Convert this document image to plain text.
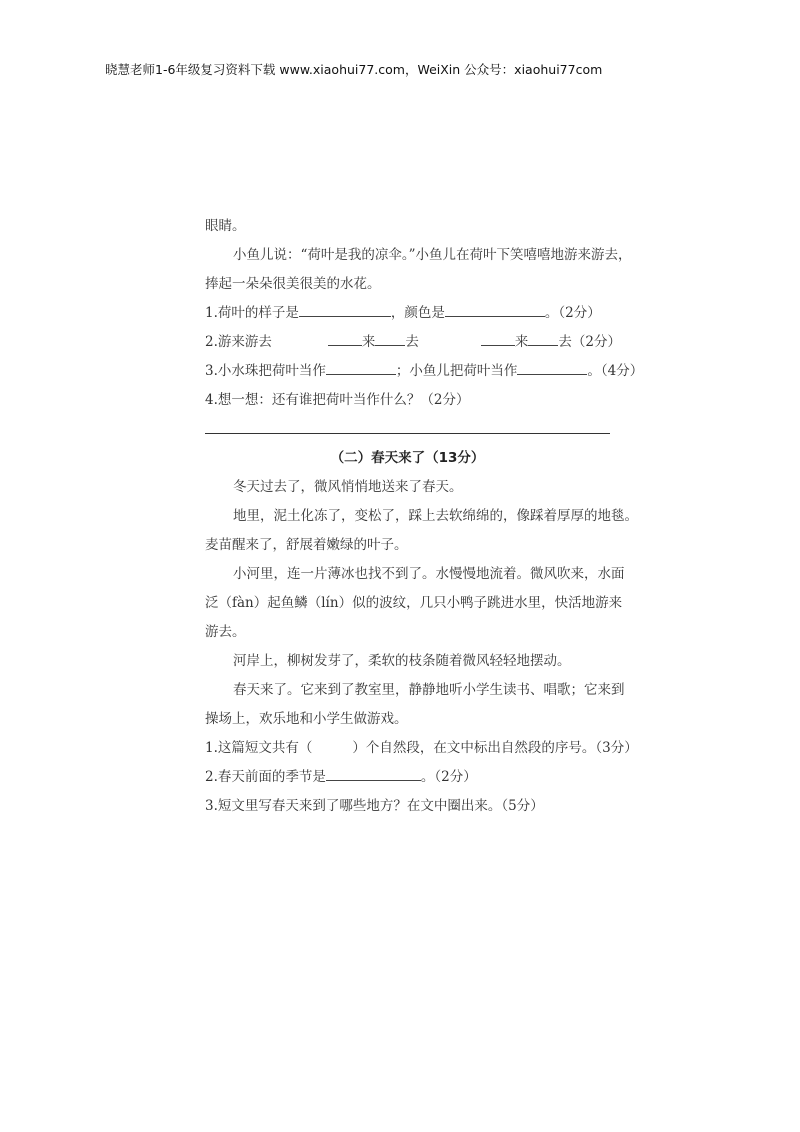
晓慧老师1-6年级复习资料下载 www.xiaohui77.com，WeiXin 公众号：xiaohui77com
眼睛。
小鱼儿说：“荷叶是我的凉伞。”小鱼儿在荷叶下笑嘻嘻地游来游去，
捧起一朵朵很美很美的水花。
1.荷叶的样子是	，颜色是	。（2分）
2.游来游去	来 去	来 去（2分）
3.小水珠把荷叶当作	；小鱼儿把荷叶当作	。（4分）
4.想一想：还有谁把荷叶当作什么？（2分）
（二）春天来了（13分）
冬天过去了，微风悄悄地送来了春天。
地里，泥土化冻了，变松了，踩上去软绵绵的，像踩着厚厚的地毯。
麦苗醒来了，舒展着嫩绿的叶子。
小河里，连一片薄冰也找不到了。水慢慢地流着。微风吹来，水面
泛（fàn）起鱼鳞（lín）似的波纹，几只小鸭子跳进水里，快活地游来
游去。
河岸上，柳树发芽了，柔软的枝条随着微风轻轻地摆动。
春天来了。它来到了教室里，静静地听小学生读书、唱歌；它来到
操场上，欢乐地和小学生做游戏。
1.这篇短文共有（	）个自然段，在文中标出自然段的序号。（3分）
2.春天前面的季节是	。（2分）
3.短文里写春天来到了哪些地方？在文中圈出来。（5分）
